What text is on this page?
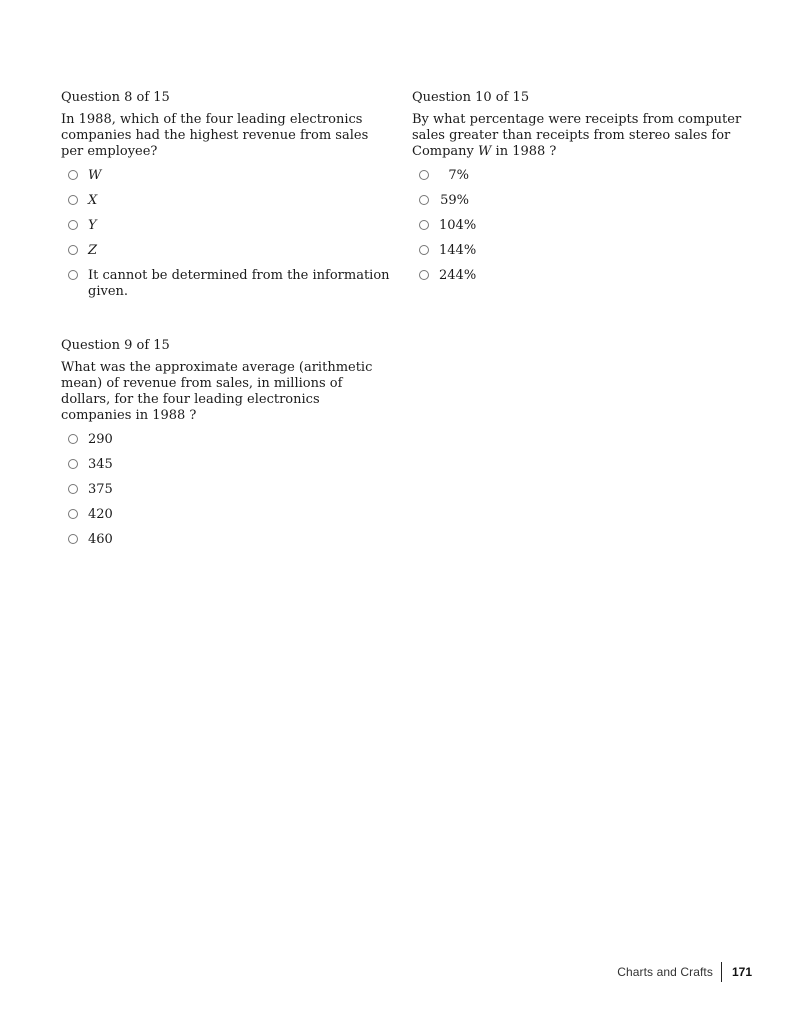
Question 8 of 15
In 1988, which of the four leading electronics companies had the highest revenue from sales per employee?
W
X
Y
Z
It cannot be determined from the information given.
Question 9 of 15
What was the approximate average (arithmetic mean) of revenue from sales, in millions of dollars, for the four leading electronics companies in 1988 ?
290
345
375
420
460
Question 10 of 15
By what percentage were receipts from computer sales greater than receipts from stereo sales for Company W in 1988 ?
7%
59%
104%
144%
244%
Charts and Crafts 171
